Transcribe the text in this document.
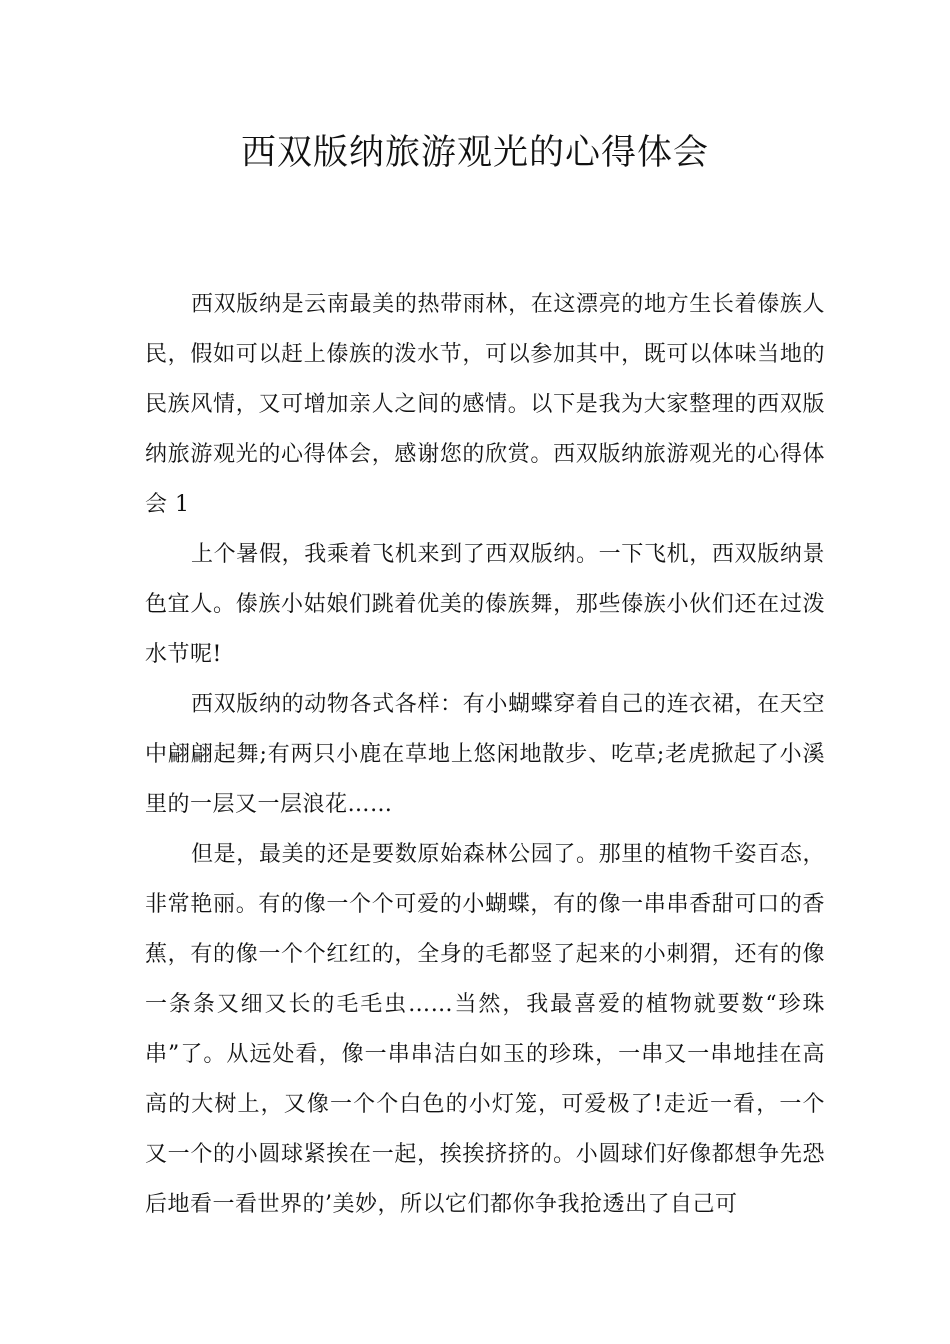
西双版纳旅游观光的心得体会

西双版纳是云南最美的热带雨林，在这漂亮的地方生长着傣族人民，假如可以赶上傣族的泼水节，可以参加其中，既可以体味当地的民族风情，又可增加亲人之间的感情。以下是我为大家整理的西双版纳旅游观光的心得体会，感谢您的欣赏。西双版纳旅游观光的心得体会 1

上个暑假，我乘着飞机来到了西双版纳。一下飞机，西双版纳景色宜人。傣族小姑娘们跳着优美的傣族舞，那些傣族小伙们还在过泼水节呢!

西双版纳的动物各式各样：有小蝴蝶穿着自己的连衣裙，在天空中翩翩起舞;有两只小鹿在草地上悠闲地散步、吃草;老虎掀起了小溪里的一层又一层浪花……

但是，最美的还是要数原始森林公园了。那里的植物千姿百态，非常艳丽。有的像一个个可爱的小蝴蝶，有的像一串串香甜可口的香蕉，有的像一个个红红的，全身的毛都竖了起来的小刺猬，还有的像一条条又细又长的毛毛虫……当然，我最喜爱的植物就要数“珍珠串”了。从远处看，像一串串洁白如玉的珍珠，一串又一串地挂在高高的大树上，又像一个个白色的小灯笼，可爱极了!走近一看，一个又一个的小圆球紧挨在一起，挨挨挤挤的。小圆球们好像都想争先恐后地看一看世界的’美妙，所以它们都你争我抢透出了自己可
